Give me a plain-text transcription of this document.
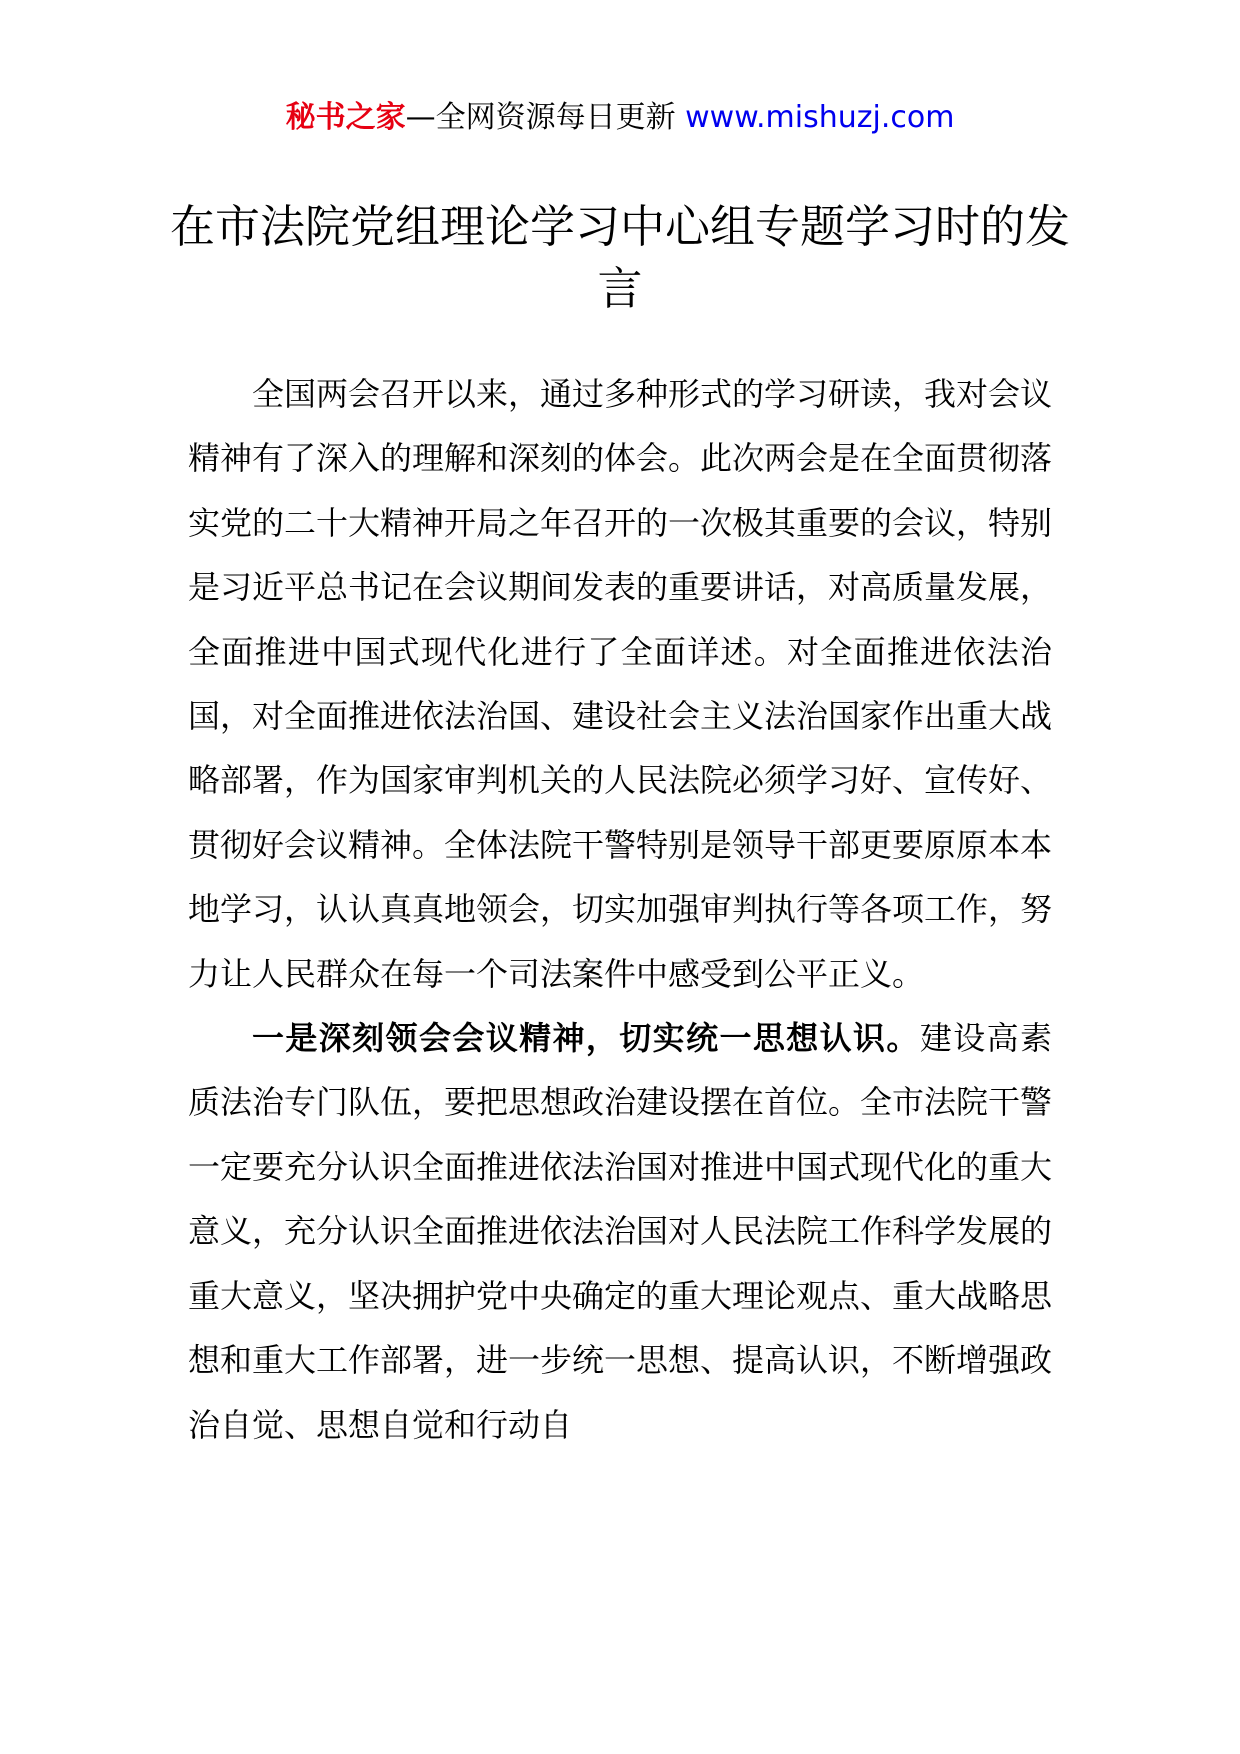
秘书之家—全网资源每日更新 www.mishuzj.com
在市法院党组理论学习中心组专题学习时的发言

全国两会召开以来，通过多种形式的学习研读，我对会议精神有了深入的理解和深刻的体会。此次两会是在全面贯彻落实党的二十大精神开局之年召开的一次极其重要的会议，特别是习近平总书记在会议期间发表的重要讲话，对高质量发展，全面推进中国式现代化进行了全面详述。对全面推进依法治国，对全面推进依法治国、建设社会主义法治国家作出重大战略部署，作为国家审判机关的人民法院必须学习好、宣传好、贯彻好会议精神。全体法院干警特别是领导干部更要原原本本地学习，认认真真地领会，切实加强审判执行等各项工作，努力让人民群众在每一个司法案件中感受到公平正义。

一是深刻领会会议精神，切实统一思想认识。建设高素质法治专门队伍，要把思想政治建设摆在首位。全市法院干警一定要充分认识全面推进依法治国对推进中国式现代化的重大意义，充分认识全面推进依法治国对人民法院工作科学发展的重大意义，坚决拥护党中央确定的重大理论观点、重大战略思想和重大工作部署，进一步统一思想、提高认识，不断增强政治自觉、思想自觉和行动自
